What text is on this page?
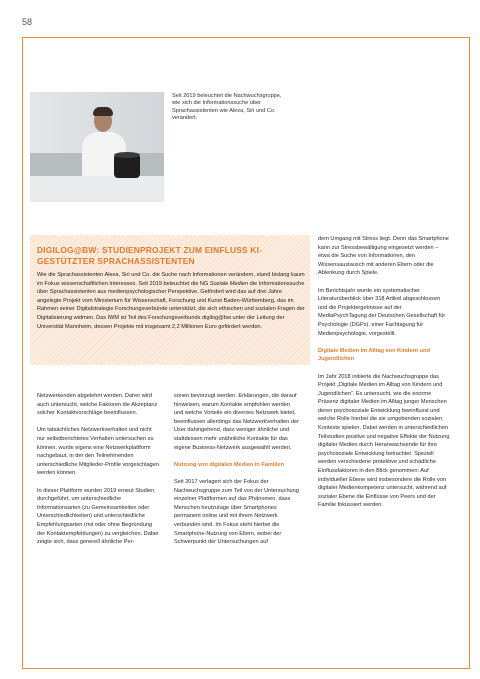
58

Seit 2019 beleuchtet die Nachwuchsgruppe, wie sich die Informationssuche über Sprachassistenten wie Alexa, Siri und Co. verändert.

DIGILOG@BW: STUDIENPROJEKT ZUM EINFLUSS KI-GESTÜTZTER SPRACHASSISTENTEN

Wie die Sprachassistenten Alexa, Siri und Co. die Suche nach Informationen verändern, stand bislang kaum im Fokus wissenschaftlichen Interesses. Seit 2019 beleuchtet die NG Soziale Medien die Informationssuche über Sprachassistenten aus medienpsychologischer Perspektive. Gefördert wird das auf drei Jahre angelegte Projekt vom Ministerium für Wissenschaft, Forschung und Kunst Baden-Württemberg, das im Rahmen seiner Digitalstrategie Forschungsverbünde unterstützt, die sich ethischen und sozialen Fragen der Digitalisierung widmen. Das IWM ist Teil des Forschungsverbunds digilog@bw unter der Leitung der Universität Mannheim, dessen Projekte mit insgesamt 2,2 Millionen Euro gefördert werden.

Netzwerkenden abgelehnt werden. Daher wird auch untersucht, welche Faktoren die Akzeptanz solcher Kontaktvorschläge beeinflussen.

Um tatsächliches Netzwerkverhalten und nicht nur selbstberichtetes Verhalten untersuchen zu können, wurde eigens eine Netzwerkplattform nachgebaut, in der den Teilnehmenden unterschiedliche Mitglieder-Profile vorgeschlagen werden können.

In dieser Plattform wurden 2019 erneut Studien durchgeführt, um unterschiedliche Informationsarten (zu Gemeinsamkeiten oder Unterschiedlichkeiten) und unterschiedliche Empfehlungsarten (mit oder ohne Begründung der Kontaktempfehlungen) zu vergleichen. Dabei zeigte sich, dass generell ähnliche Per-

sonen bevorzugt werden. Erklärungen, die darauf hinweisen, warum Kontakte empfohlen werden und welche Vorteile ein diverses Netzwerk bietet, beeinflussen allerdings das Netzwerkverhalten der User dahingehend, dass weniger ähnliche und stattdessen mehr unähnliche Kontakte für das eigene Business-Netzwerk ausgewählt werden.

Nutzung von digitalen Medien in Familien

Seit 2017 verlagert sich der Fokus der Nachwuchsgruppe zum Teil von der Untersuchung einzelner Plattformen auf das Phänomen, dass Menschen heutzutage über Smartphones permanent online und mit ihrem Netzwerk verbunden sind. Im Fokus steht hierbei die Smartphone-Nutzung von Eltern, wobei der Schwerpunkt der Untersuchungen auf

dem Umgang mit Stress liegt. Denn das Smartphone kann zur Stressbewältigung eingesetzt werden – etwa die Suche von Informationen, den Wissensaustausch mit anderen Eltern oder die Ablenkung durch Spiele.

Im Berichtsjahr wurde ein systematischer Literaturüberblick über 318 Artikel abgeschlossen und die Projektergebnisse auf der MediaPsychTagung der Deutschen Gesellschaft für Psychologie (DGPs), einer Fachtagung für Medienpsychologie, vorgestellt.

Digitale Medien im Alltag von Kindern und Jugendlichen

Im Jahr 2018 initiierte die Nachwuchsgruppe das Projekt „Digitale Medien im Alltag von Kindern und Jugendlichen“. Es untersucht, wie die enorme Präsenz digitaler Medien im Alltag junger Menschen deren psychosoziale Entwicklung beeinflusst und welche Rolle hierbei die sie umgebenden sozialen Kontexte spielen. Dabei werden in unterschiedlichen Teilstudien positive und negative Effekte der Nutzung digitaler Medien durch Heranwachsende für ihre psychosoziale Entwicklung betrachtet. Speziell werden verschiedene protektive und schädliche Einflussfaktoren in den Blick genommen: Auf individueller Ebene wird insbesondere die Rolle von digitaler Medienkompetenz untersucht, während auf sozialer Ebene die Einflüsse von Peers und der Familie fokussiert werden.
